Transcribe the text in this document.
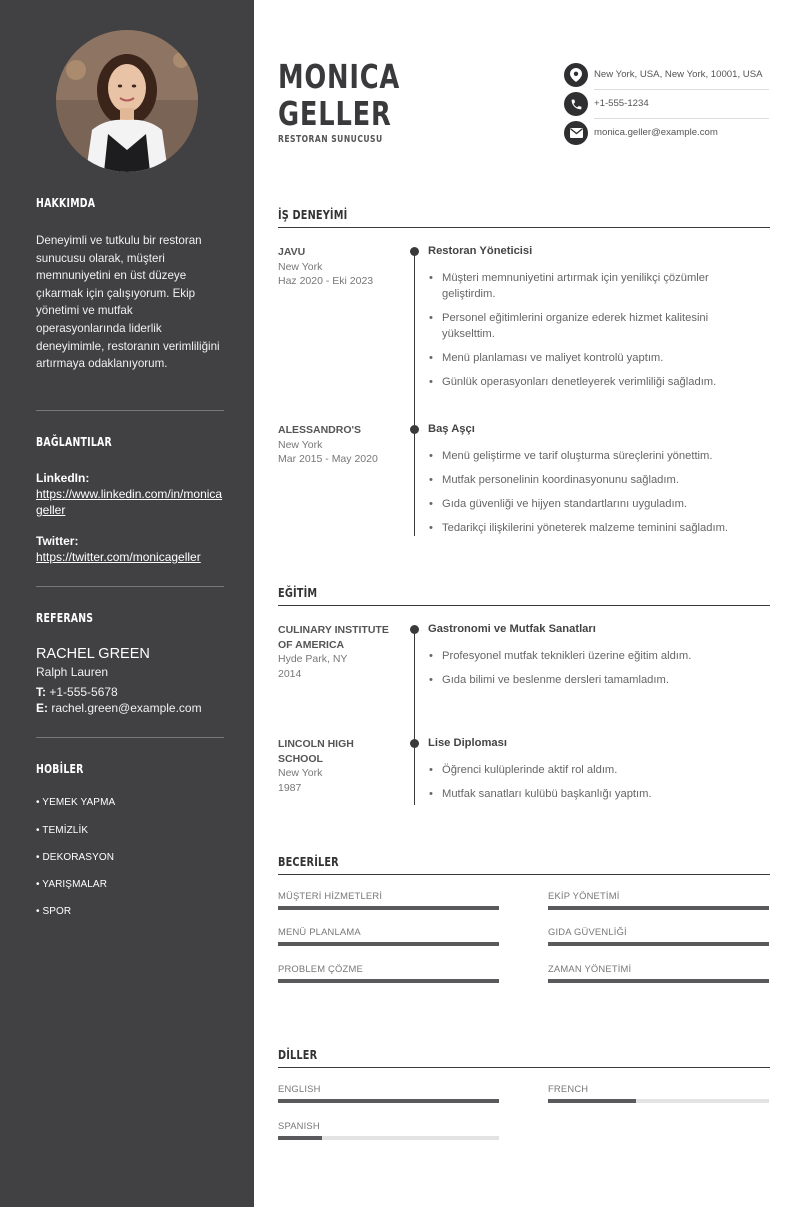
HAKKIMDA

Deneyimli ve tutkulu bir restoran sunucusu olarak, müşteri memnuniyetini en üst düzeye çıkarmak için çalışıyorum. Ekip yönetimi ve mutfak operasyonlarında liderlik deneyimimle, restoranın verimliliğini artırmaya odaklanıyorum.

BAĞLANTILAR
LinkedIn:
https://www.linkedin.com/in/monicageller
Twitter:
https://twitter.com/monicageller
REFERANS
RACHEL GREEN
Ralph Lauren
T: +1-555-5678
E: rachel.green@example.com
HOBİLER
• YEMEK YAPMA
• TEMİZLİK
• DEKORASYON
• YARIŞMALAR
• SPOR
MONICA
GELLER
RESTORAN SUNUCUSU
New York, USA, New York, 10001, USA
+1-555-1234
monica.geller@example.com
İŞ DENEYİMİ
JAVU
New York
Haz 2020 - Eki 2023
Restoran Yöneticisi
• Müşteri memnuniyetini artırmak için yenilikçi çözümler geliştirdim.
• Personel eğitimlerini organize ederek hizmet kalitesini yükselttim.
• Menü planlaması ve maliyet kontrolü yaptım.
• Günlük operasyonları denetleyerek verimliliği sağladım.
ALESSANDRO'S
New York
Mar 2015 - May 2020
Baş Aşçı
• Menü geliştirme ve tarif oluşturma süreçlerini yönettim.
• Mutfak personelinin koordinasyonunu sağladım.
• Gıda güvenliği ve hijyen standartlarını uyguladım.
• Tedarikçi ilişkilerini yöneterek malzeme teminini sağladım.
EĞİTİM
CULINARY INSTITUTE OF AMERICA
Hyde Park, NY
2014
Gastronomi ve Mutfak Sanatları
• Profesyonel mutfak teknikleri üzerine eğitim aldım.
• Gıda bilimi ve beslenme dersleri tamamladım.
LINCOLN HIGH SCHOOL
New York
1987
Lise Diploması
• Öğrenci kulüplerinde aktif rol aldım.
• Mutfak sanatları kulübü başkanlığı yaptım.
BECERİLER
MÜŞTERİ HİZMETLERİ	EKİP YÖNETİMİ
MENÜ PLANLAMA	GIDA GÜVENLİĞİ
PROBLEM ÇÖZME	ZAMAN YÖNETİMİ
DİLLER
ENGLISH	FRENCH
SPANISH
